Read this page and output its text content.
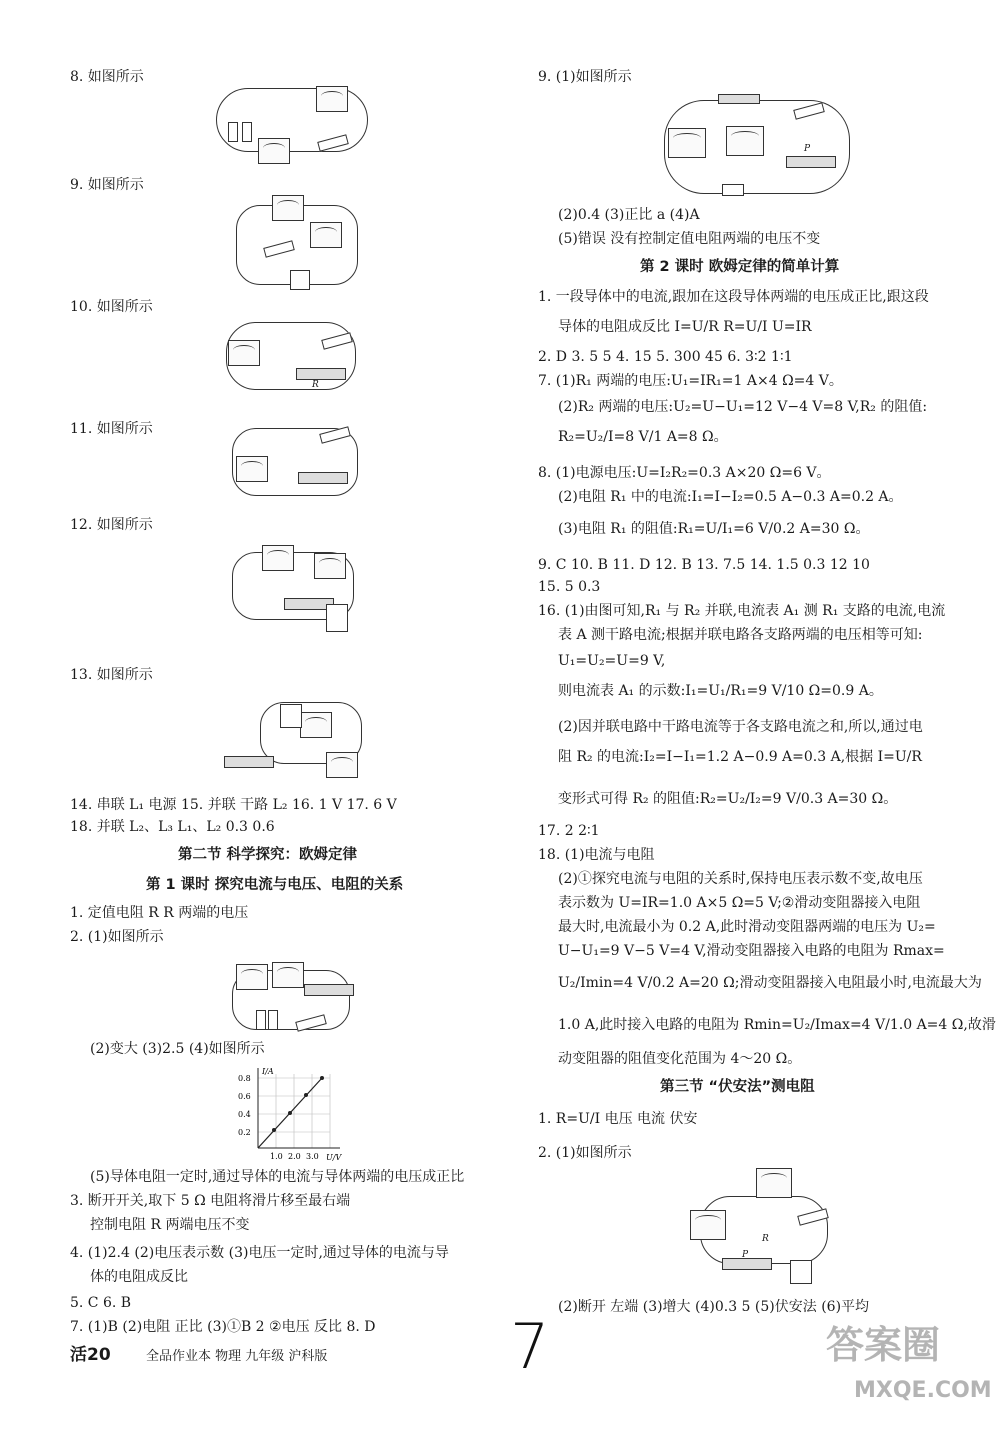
8. 如图所示
9. 如图所示
10. 如图所示
R
11. 如图所示
12. 如图所示
13. 如图所示
14. 串联 L₁ 电源 15. 并联 干路 L₂ 16. 1 V 17. 6 V
18. 并联 L₂、L₃ L₁、L₂ 0.3 0.6
第二节 科学探究：欧姆定律
第 1 课时 探究电流与电压、电阻的关系
1. 定值电阻 R R 两端的电压
2. (1)如图所示
(2)变大 (3)2.5 (4)如图所示
I/A
U/V
0.8
0.6
0.4
0.2
1.0 2.0 3.0
(5)导体电阻一定时,通过导体的电流与导体两端的电压成正比
3. 断开开关,取下 5 Ω 电阻将滑片移至最右端
控制电阻 R 两端电压不变
4. (1)2.4 (2)电压表示数 (3)电压一定时,通过导体的电流与导
体的电阻成反比
5. C 6. B
7. (1)B (2)电阻 正比 (3)①B 2 ②电压 反比 8. D
9. (1)如图所示
P
(2)0.4 (3)正比 a (4)A
(5)错误 没有控制定值电阻两端的电压不变
第 2 课时 欧姆定律的简单计算
1. 一段导体中的电流,跟加在这段导体两端的电压成正比,跟这段
导体的电阻成反比 I=U/R R=U/I U=IR
2. D 3. 5 5 4. 15 5. 300 45 6. 3∶2 1∶1
7. (1)R₁ 两端的电压:U₁=IR₁=1 A×4 Ω=4 V。
(2)R₂ 两端的电压:U₂=U−U₁=12 V−4 V=8 V,R₂ 的阻值:
R₂=U₂/I=8 V/1 A=8 Ω。
8. (1)电源电压:U=I₂R₂=0.3 A×20 Ω=6 V。
(2)电阻 R₁ 中的电流:I₁=I−I₂=0.5 A−0.3 A=0.2 A。
(3)电阻 R₁ 的阻值:R₁=U/I₁=6 V/0.2 A=30 Ω。
9. C 10. B 11. D 12. B 13. 7.5 14. 1.5 0.3 12 10
15. 5 0.3
16. (1)由图可知,R₁ 与 R₂ 并联,电流表 A₁ 测 R₁ 支路的电流,电流
表 A 测干路电流;根据并联电路各支路两端的电压相等可知:
U₁=U₂=U=9 V,
则电流表 A₁ 的示数:I₁=U₁/R₁=9 V/10 Ω=0.9 A。
(2)因并联电路中干路电流等于各支路电流之和,所以,通过电
阻 R₂ 的电流:I₂=I−I₁=1.2 A−0.9 A=0.3 A,根据 I=U/R
变形式可得 R₂ 的阻值:R₂=U₂/I₂=9 V/0.3 A=30 Ω。
17. 2 2∶1
18. (1)电流与电阻
(2)①探究电流与电阻的关系时,保持电压表示数不变,故电压
表示数为 U=IR=1.0 A×5 Ω=5 V;②滑动变阻器接入电阻
最大时,电流最小为 0.2 A,此时滑动变阻器两端的电压为 U₂=
U−U₁=9 V−5 V=4 V,滑动变阻器接入电路的电阻为 Rmax=
U₂/Imin=4 V/0.2 A=20 Ω;滑动变阻器接入电阻最小时,电流最大为
1.0 A,此时接入电路的电阻为 Rmin=U₂/Imax=4 V/1.0 A=4 Ω,故滑
动变阻器的阻值变化范围为 4～20 Ω。
第三节 “伏安法”测电阻
1. R=U/I 电压 电流 伏安
2. (1)如图所示
R
P
(2)断开 左端 (3)增大 (4)0.3 5 (5)伏安法 (6)平均
活20	全品作业本 物理 九年级 沪科版	7	答案圈
MXQE.COM
